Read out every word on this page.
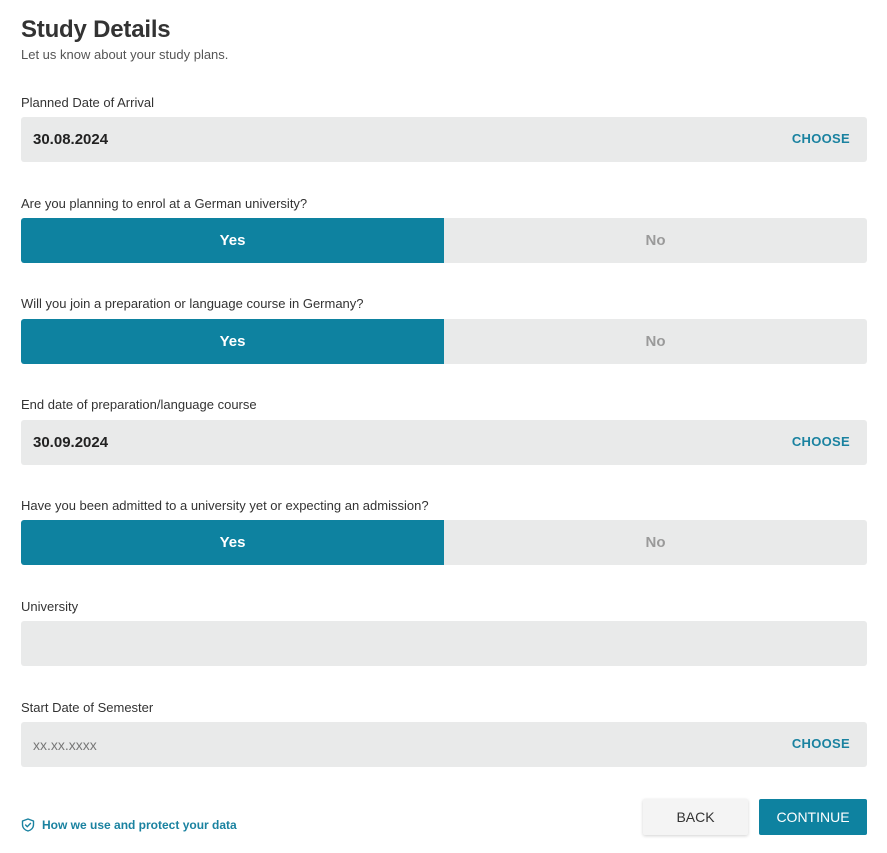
Study Details
Let us know about your study plans.
Planned Date of Arrival
30.08.2024	CHOOSE
Are you planning to enrol at a German university?
Yes	No
Will you join a preparation or language course in Germany?
Yes	No
End date of preparation/language course
30.09.2024	CHOOSE
Have you been admitted to a university yet or expecting an admission?
Yes	No
University
Start Date of Semester
xx.xx.xxxx	CHOOSE
How we use and protect your data	BACK	CONTINUE
